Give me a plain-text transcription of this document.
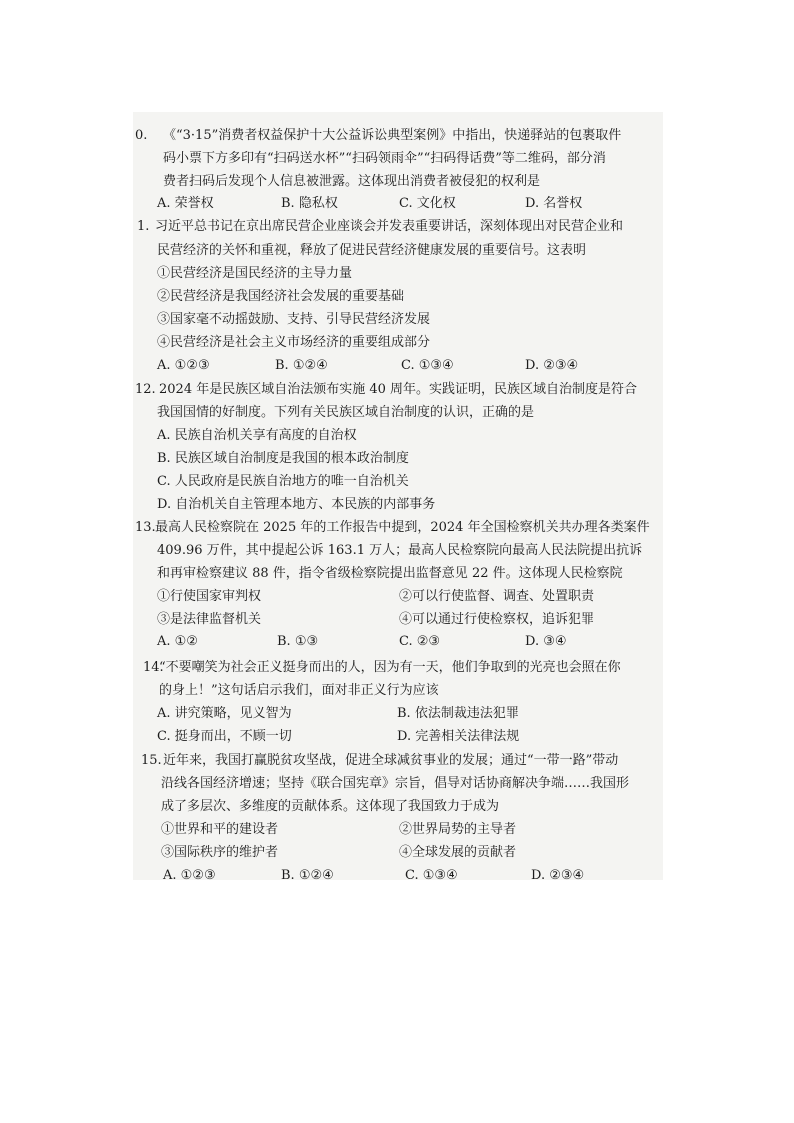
0. 《“3·15”消费者权益保护十大公益诉讼典型案例》中指出，快递驿站的包裹取件
码小票下方多印有“扫码送水杯”“扫码领雨伞”“扫码得话费”等二维码，部分消
费者扫码后发现个人信息被泄露。这体现出消费者被侵犯的权利是
A. 荣誉权	B. 隐私权	C. 文化权	D. 名誉权
1. 习近平总书记在京出席民营企业座谈会并发表重要讲话，深刻体现出对民营企业和
民营经济的关怀和重视，释放了促进民营经济健康发展的重要信号。这表明
①民营经济是国民经济的主导力量
②民营经济是我国经济社会发展的重要基础
③国家毫不动摇鼓励、支持、引导民营经济发展
④民营经济是社会主义市场经济的重要组成部分
A. ①②③	B. ①②④	C. ①③④	D. ②③④
12. 2024 年是民族区域自治法颁布实施 40 周年。实践证明，民族区域自治制度是符合
我国国情的好制度。下列有关民族区域自治制度的认识，正确的是
A. 民族自治机关享有高度的自治权
B. 民族区域自治制度是我国的根本政治制度
C. 人民政府是民族自治地方的唯一自治机关
D. 自治机关自主管理本地方、本民族的内部事务
13. 最高人民检察院在 2025 年的工作报告中提到，2024 年全国检察机关共办理各类案件
409.96 万件，其中提起公诉 163.1 万人；最高人民检察院向最高人民法院提出抗诉
和再审检察建议 88 件，指令省级检察院提出监督意见 22 件。这体现人民检察院
①行使国家审判权	②可以行使监督、调查、处置职责
③是法律监督机关	④可以通过行使检察权，追诉犯罪
A. ①②	B. ①③	C. ②③	D. ③④
14.
“不要嘲笑为社会正义挺身而出的人，因为有一天，他们争取到的光亮也会照在你
的身上！”这句话启示我们，面对非正义行为应该
A. 讲究策略，见义智为	B. 依法制裁违法犯罪
C. 挺身而出，不顾一切	D. 完善相关法律法规
15. 近年来，我国打赢脱贫攻坚战，促进全球减贫事业的发展；通过“一带一路”带动
沿线各国经济增速；坚持《联合国宪章》宗旨，倡导对话协商解决争端……我国形
成了多层次、多维度的贡献体系。这体现了我国致力于成为
①世界和平的建设者	②世界局势的主导者
③国际秩序的维护者	④全球发展的贡献者
A. ①②③	B. ①②④	C. ①③④	D. ②③④
